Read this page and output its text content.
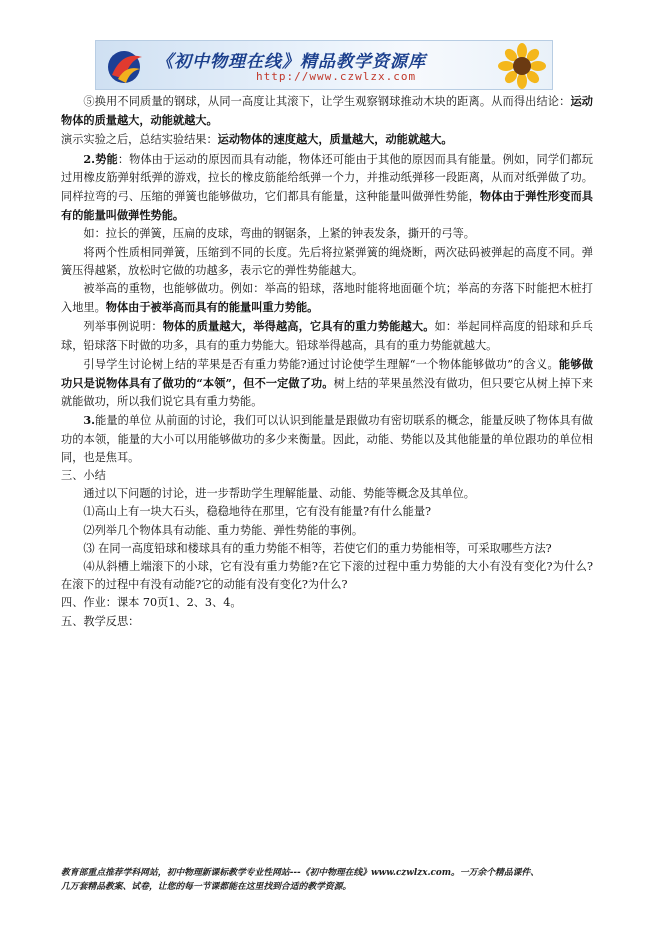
《初中物理在线》精品教学资源库
http://www.czwlzx.com

⑤换用不同质量的钢球，从同一高度让其滚下，让学生观察钢球推动木块的距离。从而得出结论：运动物体的质量越大，动能就越大。

演示实验之后，总结实验结果：运动物体的速度越大，质量越大，动能就越大。

2.势能：物体由于运动的原因而具有动能，物体还可能由于其他的原因而具有能量。例如，同学们都玩过用橡皮筋弹射纸弹的游戏，拉长的橡皮筋能给纸弹一个力，并推动纸弹移一段距离，从而对纸弹做了功。同样拉弯的弓、压缩的弹簧也能够做功，它们都具有能量，这种能量叫做弹性势能，物体由于弹性形变而具有的能量叫做弹性势能。

如：拉长的弹簧，压扁的皮球，弯曲的钢锯条，上紧的钟表发条，撕开的弓等。

将两个性质相同弹簧，压缩到不同的长度。先后将拉紧弹簧的绳烧断，两次砝码被弹起的高度不同。弹簧压得越紧，放松时它做的功越多，表示它的弹性势能越大。

被举高的重物，也能够做功。例如：举高的铅球，落地时能将地面砸个坑；举高的夯落下时能把木桩打入地里。物体由于被举高而具有的能量叫重力势能。

列举事例说明：物体的质量越大，举得越高，它具有的重力势能越大。如：举起同样高度的铅球和乒乓球，铅球落下时做的功多，具有的重力势能大。铅球举得越高，具有的重力势能就越大。

引导学生讨论树上结的苹果是否有重力势能?通过讨论使学生理解“一个物体能够做功”的含义。能够做功只是说物体具有了做功的“本领”，但不一定做了功。树上结的苹果虽然没有做功，但只要它从树上掉下来就能做功，所以我们说它具有重力势能。

3.能量的单位 从前面的讨论，我们可以认识到能量是跟做功有密切联系的概念，能量反映了物体具有做功的本领，能量的大小可以用能够做功的多少来衡量。因此，动能、势能以及其他能量的单位跟功的单位相同，也是焦耳。

三、小结

通过以下问题的讨论，进一步帮助学生理解能量、动能、势能等概念及其单位。

⑴高山上有一块大石头，稳稳地待在那里，它有没有能量?有什么能量?

⑵列举几个物体具有动能、重力势能、弹性势能的事例。

⑶ 在同一高度铅球和楼球具有的重力势能不相等，若使它们的重力势能相等，可采取哪些方法?

⑷从斜槽上端滚下的小球，它有没有重力势能?在它下滚的过程中重力势能的大小有没有变化?为什么?在滚下的过程中有没有动能?它的动能有没有变化?为什么?

四、作业：课本 70页1、2、3、4。

五、教学反思：

教育部重点推荐学科网站，初中物理新课标教学专业性网站---《初中物理在线》www.czwlzx.com。一万余个精品课件、
几万套精品教案、试卷，让您的每一节课都能在这里找到合适的教学资源。
